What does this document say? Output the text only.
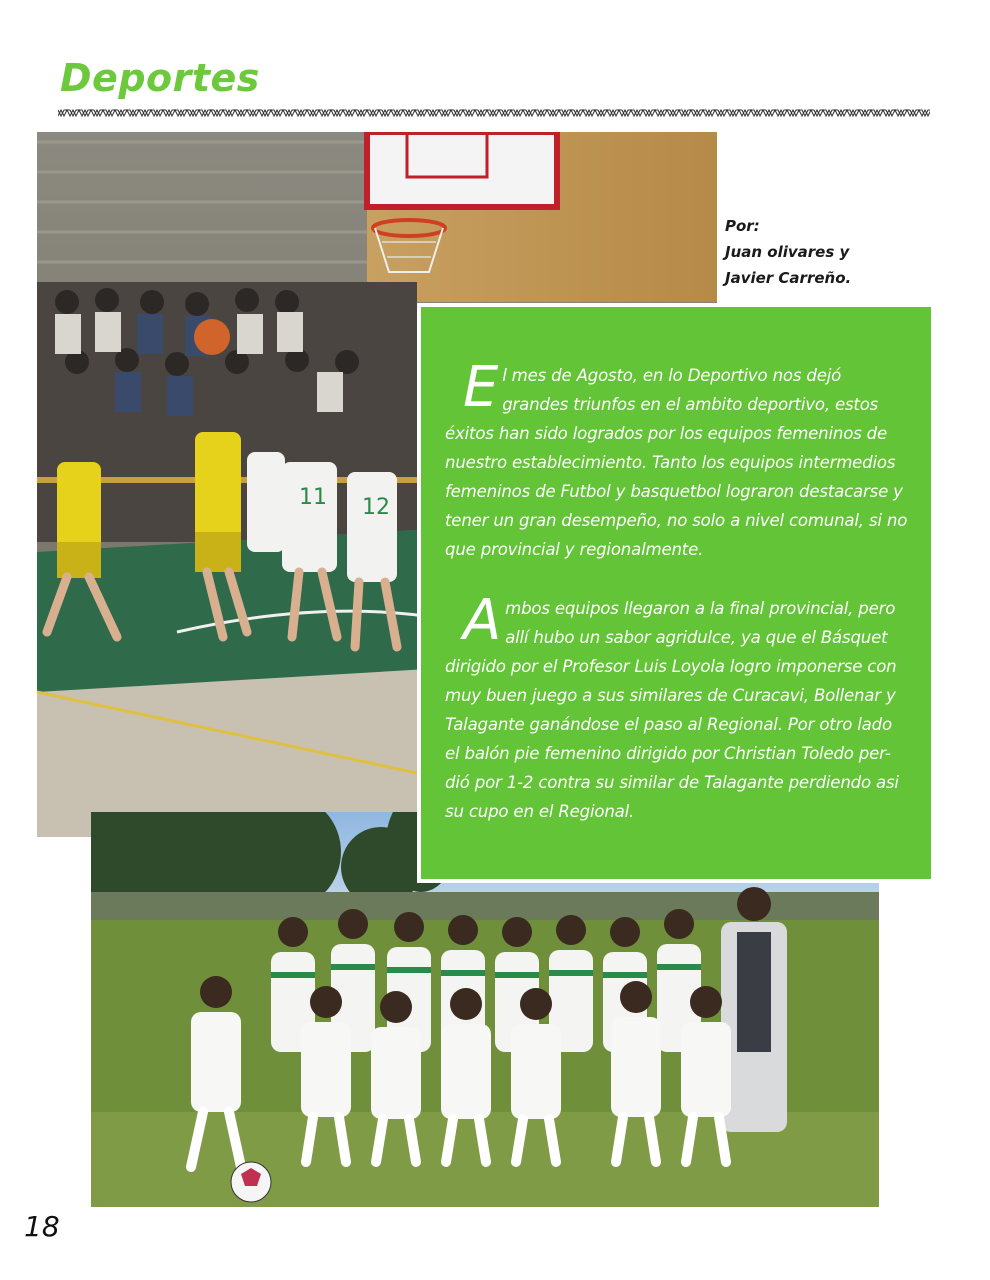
Deportes
11 12
Por:
Juan olivares y
Javier Carreño.

El mes de Agosto, en lo Deportivo nos dejó grandes triunfos en el ambito deportivo, estos éxitos han sido logrados por los equipos femeninos de nuestro establecimiento. Tanto los equipos intermedios femeninos de Futbol y basquetbol lograron destacarse y tener un gran desempeño, no solo a nivel comunal, si no que provincial y regionalmente.

Ambos equipos llegaron a la final provincial, pero allí hubo un sabor agridulce, ya que el Básquet dirigido por el Profesor Luis Loyola logro imponerse con muy buen juego a sus similares de Curacavi, Bollenar y Talagante ganándose el paso al Regional. Por otro lado el balón pie femenino dirigido por Christian Toledo per-dió por 1-2 contra su similar de Talagante perdiendo asi su cupo en el Regional.

18
